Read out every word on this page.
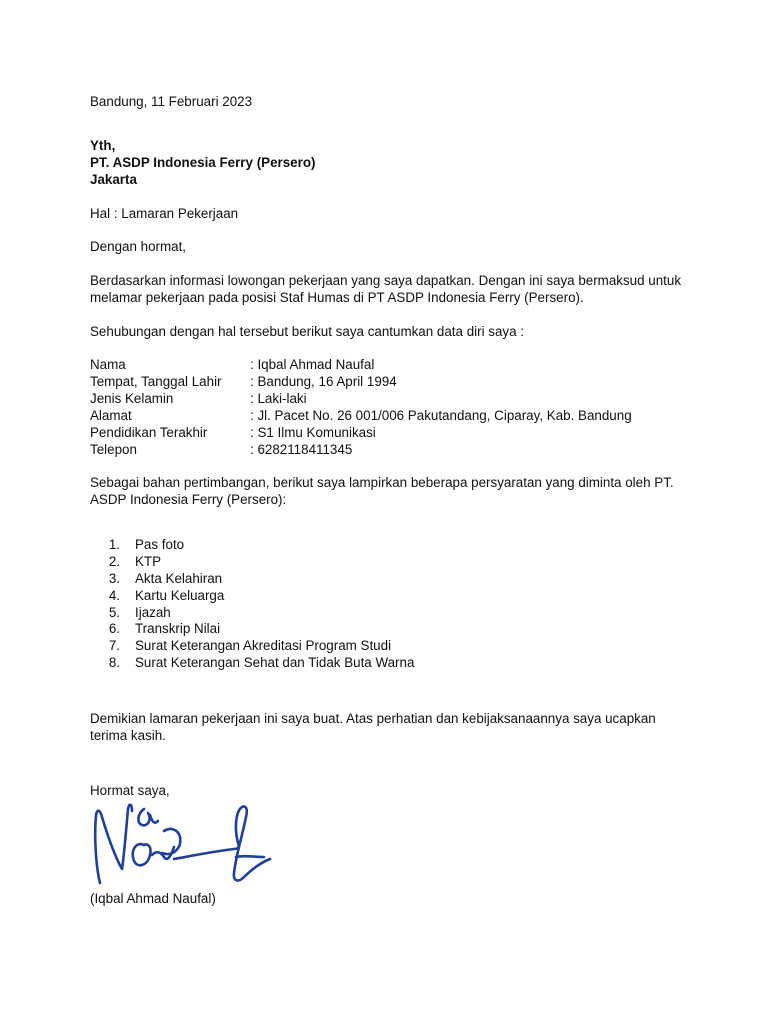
Bandung, 11 Februari 2023
Yth,
PT. ASDP Indonesia Ferry (Persero)
Jakarta
Hal : Lamaran Pekerjaan
Dengan hormat,
Berdasarkan informasi lowongan pekerjaan yang saya dapatkan. Dengan ini saya bermaksud untuk
melamar pekerjaan pada posisi Staf Humas di PT ASDP Indonesia Ferry (Persero).
Sehubungan dengan hal tersebut berikut saya cantumkan data diri saya :
Nama	: Iqbal Ahmad Naufal
Tempat, Tanggal Lahir	: Bandung, 16 April 1994
Jenis Kelamin	: Laki-laki
Alamat	: Jl. Pacet No. 26 001/006 Pakutandang, Ciparay, Kab. Bandung
Pendidikan Terakhir	: S1 Ilmu Komunikasi
Telepon	: 6282118411345
Sebagai bahan pertimbangan, berikut saya lampirkan beberapa persyaratan yang diminta oleh PT.
ASDP Indonesia Ferry (Persero):
1. Pas foto
2. KTP
3. Akta Kelahiran
4. Kartu Keluarga
5. Ijazah
6. Transkrip Nilai
7. Surat Keterangan Akreditasi Program Studi
8. Surat Keterangan Sehat dan Tidak Buta Warna
Demikian lamaran pekerjaan ini saya buat. Atas perhatian dan kebijaksanaannya saya ucapkan
terima kasih.
Hormat saya,
(Iqbal Ahmad Naufal)
